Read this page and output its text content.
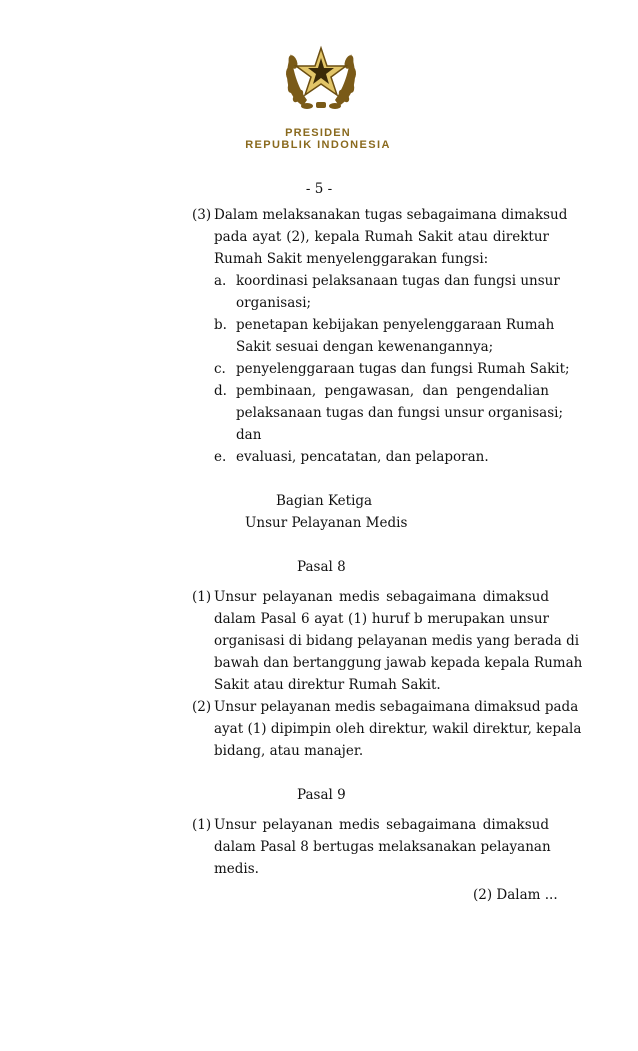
PRESIDEN
REPUBLIK INDONESIA
- 5 -
(3) Dalam melaksanakan tugas sebagaimana dimaksud
pada ayat (2), kepala Rumah Sakit atau direktur
Rumah Sakit menyelenggarakan fungsi:
a. koordinasi pelaksanaan tugas dan fungsi unsur
organisasi;
b. penetapan kebijakan penyelenggaraan Rumah
Sakit sesuai dengan kewenangannya;
c. penyelenggaraan tugas dan fungsi Rumah Sakit;
d. pembinaan, pengawasan, dan pengendalian
pelaksanaan tugas dan fungsi unsur organisasi;
dan
e. evaluasi, pencatatan, dan pelaporan.
Bagian Ketiga
Unsur Pelayanan Medis
Pasal 8
(1) Unsur pelayanan medis sebagaimana dimaksud
dalam Pasal 6 ayat (1) huruf b merupakan unsur
organisasi di bidang pelayanan medis yang berada di
bawah dan bertanggung jawab kepada kepala Rumah
Sakit atau direktur Rumah Sakit.
(2) Unsur pelayanan medis sebagaimana dimaksud pada
ayat (1) dipimpin oleh direktur, wakil direktur, kepala
bidang, atau manajer.
Pasal 9
(1) Unsur pelayanan medis sebagaimana dimaksud
dalam Pasal 8 bertugas melaksanakan pelayanan
medis.
(2) Dalam ...
